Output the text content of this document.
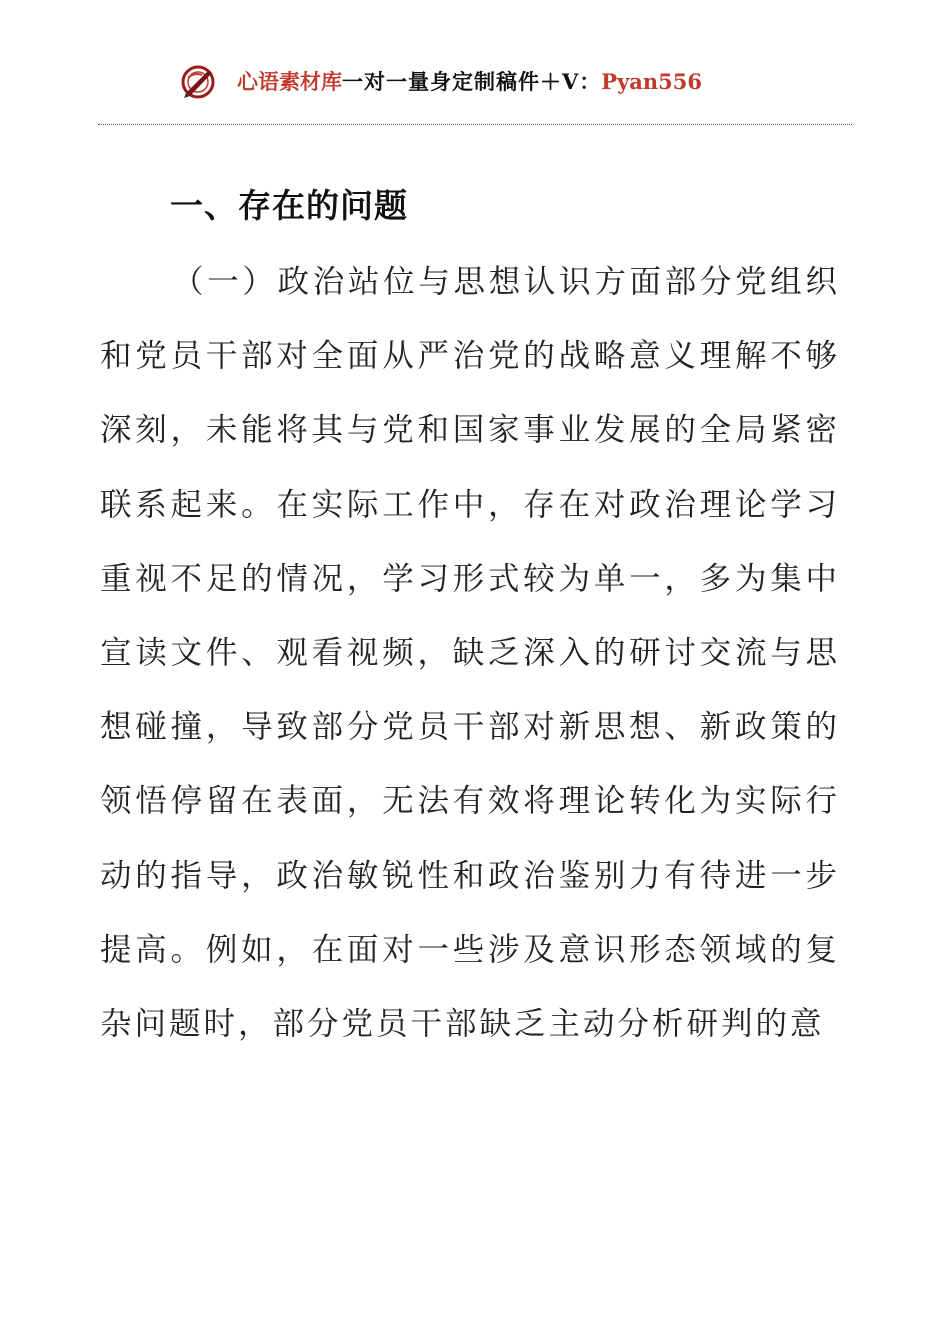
心语素材库一对一量身定制稿件＋V：Pyan556
一、存在的问题

（一）政治站位与思想认识方面部分党组织和党员干部对全面从严治党的战略意义理解不够深刻，未能将其与党和国家事业发展的全局紧密联系起来。在实际工作中，存在对政治理论学习重视不足的情况，学习形式较为单一，多为集中宣读文件、观看视频，缺乏深入的研讨交流与思想碰撞，导致部分党员干部对新思想、新政策的领悟停留在表面，无法有效将理论转化为实际行动的指导，政治敏锐性和政治鉴别力有待进一步提高。例如，在面对一些涉及意识形态领域的复杂问题时，部分党员干部缺乏主动分析研判的意
